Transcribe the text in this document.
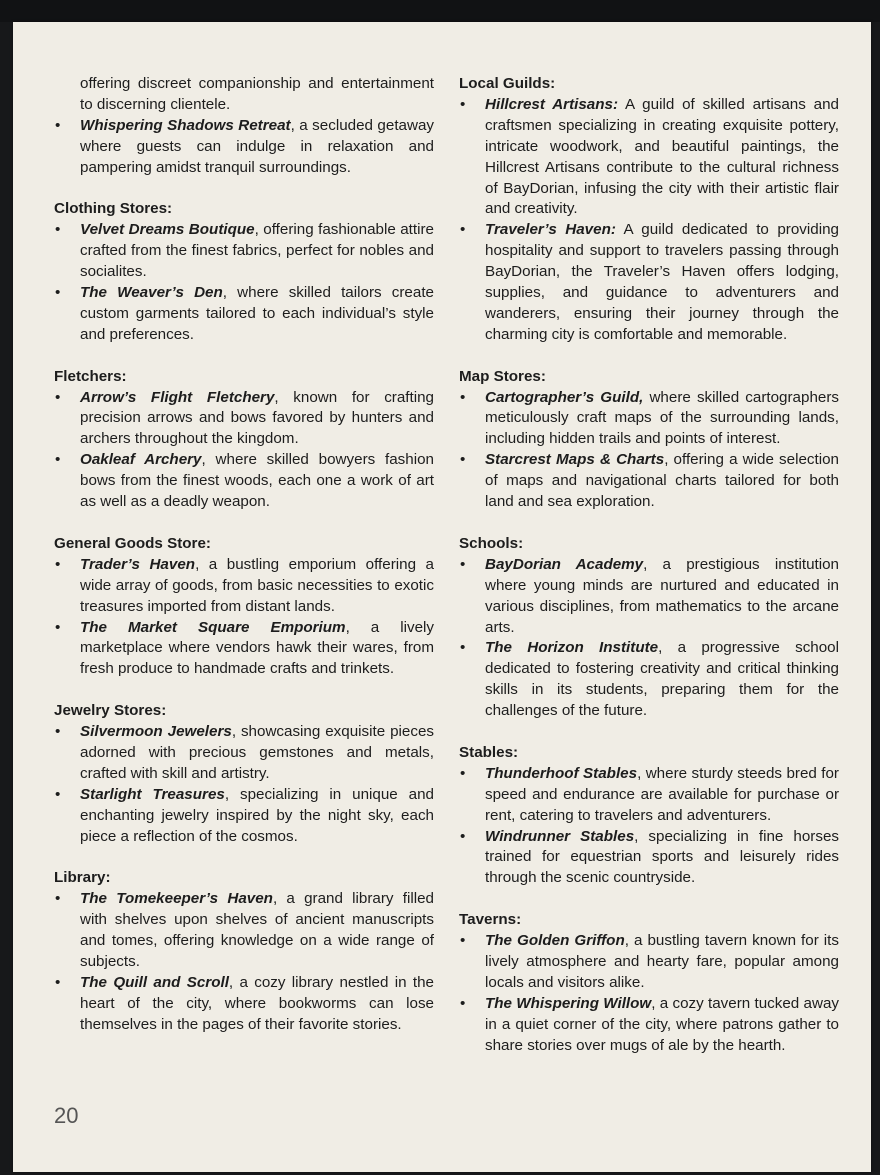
offering discreet companionship and entertainment to discerning clientele.
• Whispering Shadows Retreat, a secluded getaway where guests can indulge in relaxation and pampering amidst tranquil surroundings.

Clothing Stores:

• Velvet Dreams Boutique, offering fashionable attire crafted from the finest fabrics, perfect for nobles and socialites.
• The Weaver’s Den, where skilled tailors create custom garments tailored to each individual’s style and preferences.

Fletchers:

• Arrow’s Flight Fletchery, known for crafting precision arrows and bows favored by hunters and archers throughout the kingdom.
• Oakleaf Archery, where skilled bowyers fashion bows from the finest woods, each one a work of art as well as a deadly weapon.

General Goods Store:

• Trader’s Haven, a bustling emporium offering a wide array of goods, from basic necessities to exotic treasures imported from distant lands.
• The Market Square Emporium, a lively marketplace where vendors hawk their wares, from fresh produce to handmade crafts and trinkets.

Jewelry Stores:

• Silvermoon Jewelers, showcasing exquisite pieces adorned with precious gemstones and metals, crafted with skill and artistry.
• Starlight Treasures, specializing in unique and enchanting jewelry inspired by the night sky, each piece a reflection of the cosmos.

Library:

• The Tomekeeper’s Haven, a grand library filled with shelves upon shelves of ancient manuscripts and tomes, offering knowledge on a wide range of subjects.
• The Quill and Scroll, a cozy library nestled in the heart of the city, where bookworms can lose themselves in the pages of their favorite stories.

Local Guilds:

• Hillcrest Artisans: A guild of skilled artisans and craftsmen specializing in creating exquisite pottery, intricate woodwork, and beautiful paintings, the Hillcrest Artisans contribute to the cultural richness of BayDorian, infusing the city with their artistic flair and creativity.
• Traveler’s Haven: A guild dedicated to providing hospitality and support to travelers passing through BayDorian, the Traveler’s Haven offers lodging, supplies, and guidance to adventurers and wanderers, ensuring their journey through the charming city is comfortable and memorable.

Map Stores:

• Cartographer’s Guild, where skilled cartographers meticulously craft maps of the surrounding lands, including hidden trails and points of interest.
• Starcrest Maps & Charts, offering a wide selection of maps and navigational charts tailored for both land and sea exploration.

Schools:

• BayDorian Academy, a prestigious institution where young minds are nurtured and educated in various disciplines, from mathematics to the arcane arts.
• The Horizon Institute, a progressive school dedicated to fostering creativity and critical thinking skills in its students, preparing them for the challenges of the future.

Stables:

• Thunderhoof Stables, where sturdy steeds bred for speed and endurance are available for purchase or rent, catering to travelers and adventurers.
• Windrunner Stables, specializing in fine horses trained for equestrian sports and leisurely rides through the scenic countryside.

Taverns:

• The Golden Griffon, a bustling tavern known for its lively atmosphere and hearty fare, popular among locals and visitors alike.
• The Whispering Willow, a cozy tavern tucked away in a quiet corner of the city, where patrons gather to share stories over mugs of ale by the hearth.
20
